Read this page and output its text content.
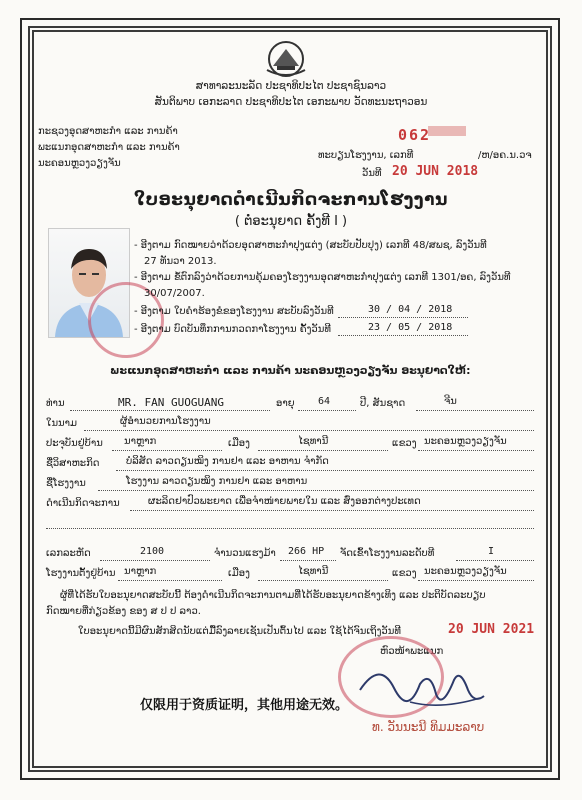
ສາທາລະນະລັດ ປະຊາທິປະໄຕ ປະຊາຊົນລາວ
ສັນຕິພາບ ເອກະລາດ ປະຊາທິປະໄຕ ເອກະພາບ ວັດທະນະຖາວອນ
ກະຊວງອຸດສາຫະກຳ ແລະ ການຄ້າ
ພະແນກອຸດສາຫະກຳ ແລະ ການຄ້າ
ນະຄອນຫຼວງວຽງຈັນ
062
ທະບຽນໂຮງງານ, ເລກທີ	/ຫ/ອຄ.ນ.ວຈ
ວັນທີ 20 JUN 2018
ໃບອະນຸຍາດດຳເນີນກິດຈະການໂຮງງານ
( ຕໍ່ອະນຸຍາດ ຄັ້ງທີ I )
- ອີງຕາມ ກົດໝາຍວ່າດ້ວຍອຸດສາຫະກຳປຸງແຕ່ງ (ສະບັບປັບປຸງ) ເລກທີ 48/ສພຊ, ລົງວັນທີ
27 ທັນວາ 2013.
- ອີງຕາມ ຂໍ້ຕົກລົງວ່າດ້ວຍການຄຸ້ມຄອງໂຮງງານອຸດສາຫະກຳປຸງແຕ່ງ ເລກທີ 1301/ອຄ, ລົງວັນທີ
30/07/2007.
- ອີງຕາມ ໃບຄຳຮ້ອງຂໍຂອງໂຮງງານ ສະບັບລົງວັນທີ	30 / 04 / 2018
- ອີງຕາມ ບົດບັນທຶກການກວດກາໂຮງງານ ຄັ້ງວັນທີ	23 / 05 / 2018
ພະແນກອຸດສາຫະກຳ ແລະ ການຄ້າ ນະຄອນຫຼວງວຽງຈັນ ອະນຸຍາດໃຫ້:
ທ່ານ	MR. FAN GUOGUANG	ອາຍຸ 64	ປີ, ສັນຊາດ	ຈີນ
ໃນນາມ	ຜູ້ອຳນວຍການໂຮງງານ
ປະຈຸບັນຢູ່ບ້ານ ນາຫຼາກ	ເມືອງ	ໄຊທານີ	ແຂວງ ນະຄອນຫຼວງວຽງຈັນ
ຊື່ວິສາຫະກິດ	ບໍລິສັດ ລາວດຽນໝິງ ການຢາ ແລະ ອາຫານ ຈຳກັດ
ຊື່ໂຮງງານ	ໂຮງງານ ລາວດຽນໝິງ ການຢາ ແລະ ອາຫານ
ດຳເນີນກິດຈະການ	ຜະລິດຢາປົວພະຍາດ ເພື່ອຈຳໜ່າຍພາຍໃນ ແລະ ສົ່ງອອກຕ່າງປະເທດ
ເລກລະຫັດ	2100	ຈຳນວນແຮງມ້າ 266 HP ຈັດເຂົ້າໂຮງງານລະດັບທີ	I
ໂຮງງານຕັ້ງຢູ່ບ້ານ ນາຫຼາກ	ເມືອງ	ໄຊທານີ	ແຂວງ ນະຄອນຫຼວງວຽງຈັນ
ຜູ້ທີ່ໄດ້ຮັບໃບອະນຸຍາດສະບັບນີ້ ຕ້ອງດຳເນີນກິດຈະການຕາມທີ່ໄດ້ຮັບອະນຸຍາດຂ້າງເທິງ ແລະ ປະຕິບັດລະບຽບ
ກົດໝາຍທີ່ກ່ຽວຂ້ອງ ຂອງ ສ ປ ປ ລາວ.
ໃບອະນຸຍາດນີ້ມີຜົນສັກສິດນັບແຕ່ມື້ລົງລາຍເຊັນເປັນຕົ້ນໄປ ແລະ ໃຊ້ໄດ້ຈົນເຖິງວັນທີ	20 JUN 2021
ຫົວໜ້າພະແນກ
仅限用于资质证明，其他用途无效。
ທ. ວັນນະນີ ທິມມະລາບ
